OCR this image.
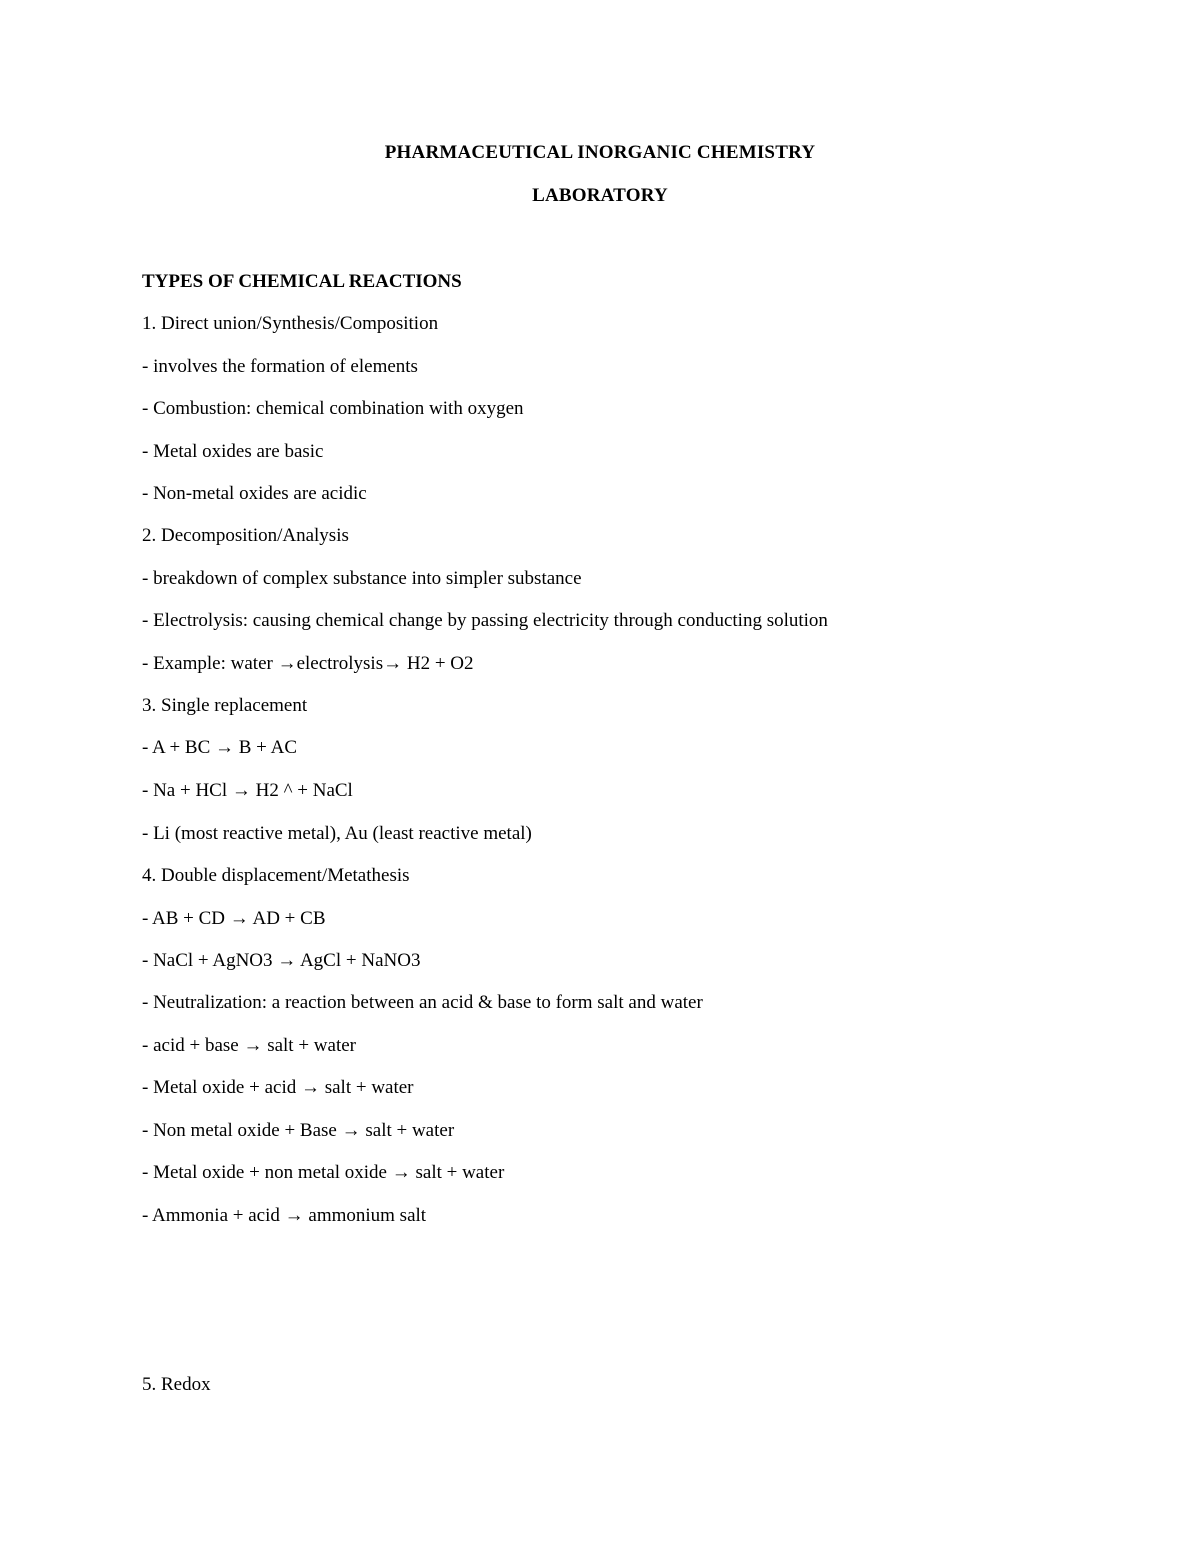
PHARMACEUTICAL INORGANIC CHEMISTRY
LABORATORY
TYPES OF CHEMICAL REACTIONS
1. Direct union/Synthesis/Composition
- involves the formation of elements
- Combustion: chemical combination with oxygen
- Metal oxides are basic
- Non-metal oxides are acidic
2. Decomposition/Analysis
- breakdown of complex substance into simpler substance
- Electrolysis: causing chemical change by passing electricity through conducting solution
- Example: water →electrolysis→ H2 + O2
3. Single replacement
- A + BC → B + AC
- Na + HCl → H2 ^ + NaCl
- Li (most reactive metal), Au (least reactive metal)
4. Double displacement/Metathesis
- AB + CD → AD + CB
- NaCl + AgNO3 → AgCl + NaNO3
- Neutralization: a reaction between an acid & base to form salt and water
- acid + base → salt + water
- Metal oxide + acid → salt + water
- Non metal oxide + Base → salt + water
- Metal oxide + non metal oxide → salt + water
- Ammonia + acid → ammonium salt
5. Redox
